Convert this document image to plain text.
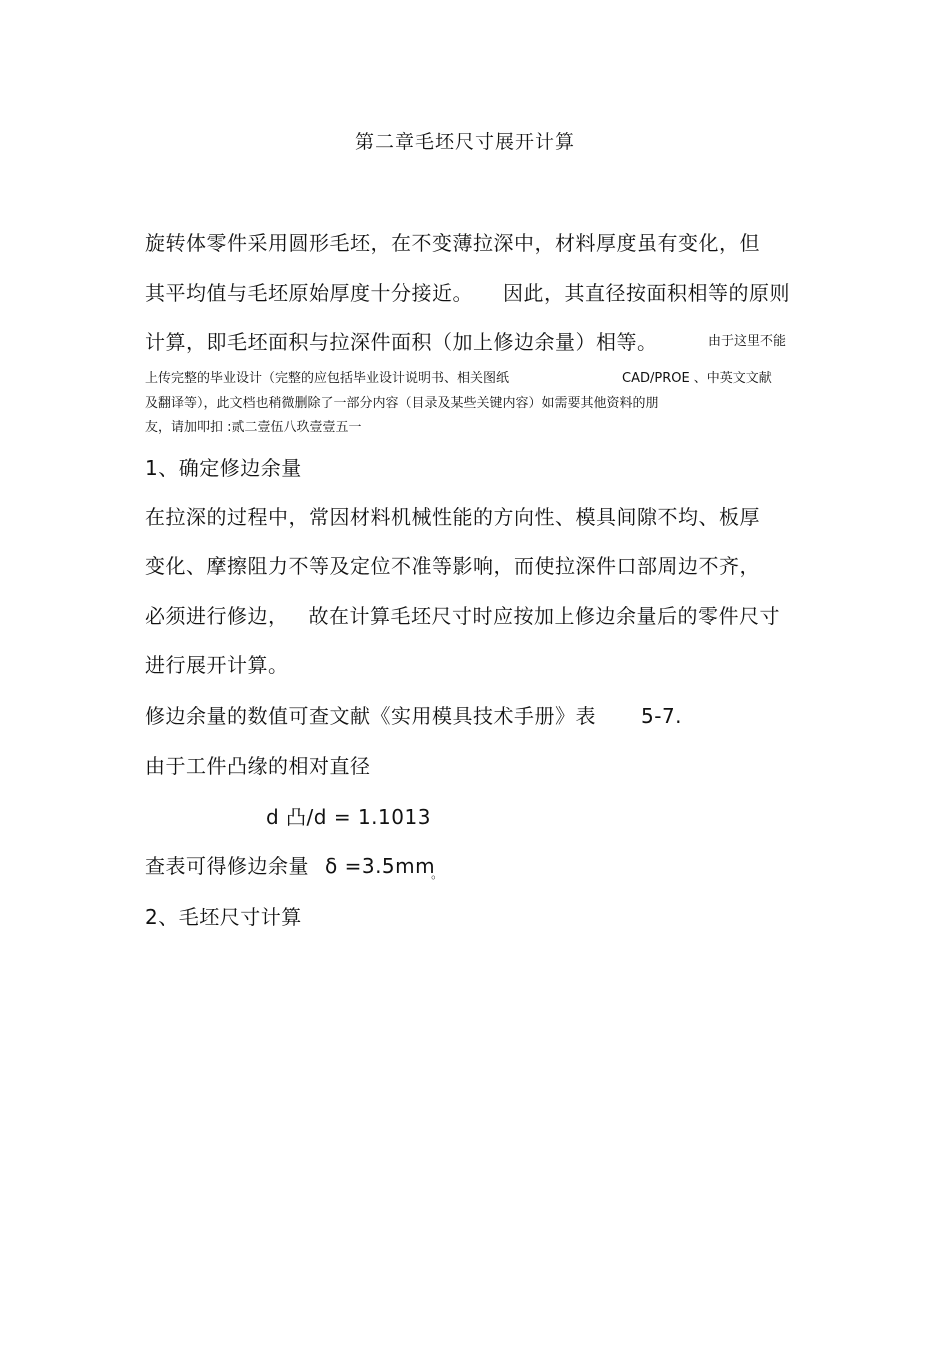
第二章毛坯尺寸展开计算
旋转体零件采用圆形毛坯，在不变薄拉深中，材料厚度虽有变化，但
其平均值与毛坯原始厚度十分接近。 因此，其直径按面积相等的原则
计算，即毛坯面积与拉深件面积（加上修边余量）相等。	由于这里不能
上传完整的毕业设计（完整的应包括毕业设计说明书、相关图纸	CAD/PROE 、中英文文献
及翻译等），此文档也稍微删除了一部分内容（目录及某些关键内容）如需要其他资料的朋
友，请加叩扣 :贰二壹伍八玖壹壹五一
1、确定修边余量
在拉深的过程中，常因材料机械性能的方向性、模具间隙不均、板厚
变化、摩擦阻力不等及定位不准等影响，而使拉深件口部周边不齐，
必须进行修边， 故在计算毛坯尺寸时应按加上修边余量后的零件尺寸
进行展开计算。
修边余量的数值可查文献《实用模具技术手册》表 5-7.
由于工件凸缘的相对直径
d 凸/d = 1.1013
查表可得修边余量 $\delta =3.5mm_。$
2、毛坯尺寸计算
